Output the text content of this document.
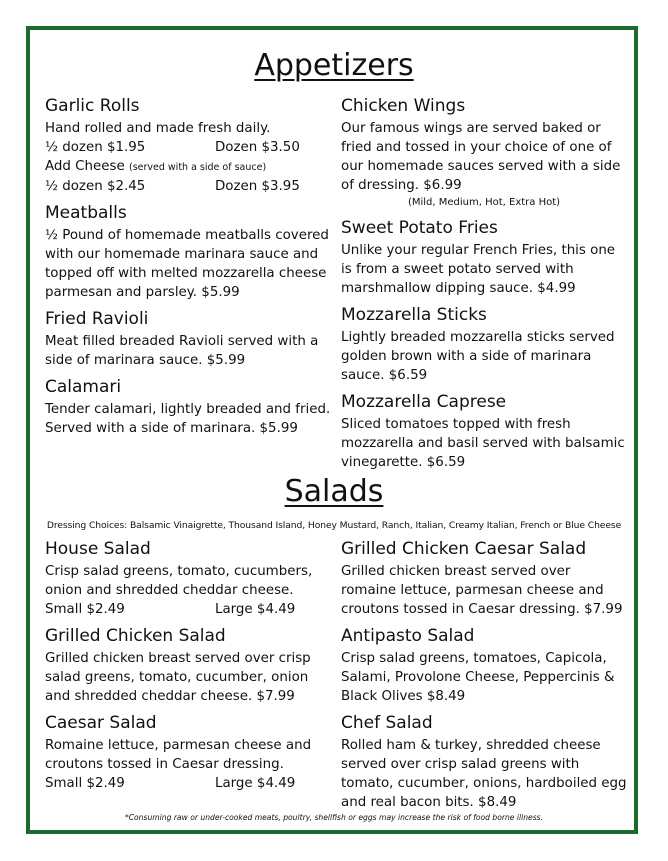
Appetizers
Garlic Rolls
Hand rolled and made fresh daily.
½ dozen $1.95	Dozen $3.50
Add Cheese (served with a side of sauce)
½ dozen $2.45	Dozen $3.95
Meatballs
½ Pound of homemade meatballs covered with our homemade marinara sauce and topped off with melted mozzarella cheese parmesan and parsley. $5.99
Fried Ravioli
Meat filled breaded Ravioli served with a side of marinara sauce. $5.99
Calamari
Tender calamari, lightly breaded and fried. Served with a side of marinara. $5.99
Chicken Wings
Our famous wings are served baked or fried and tossed in your choice of one of our homemade sauces served with a side of dressing. $6.99
(Mild, Medium, Hot, Extra Hot)
Sweet Potato Fries
Unlike your regular French Fries, this one is from a sweet potato served with marshmallow dipping sauce. $4.99
Mozzarella Sticks
Lightly breaded mozzarella sticks served golden brown with a side of marinara sauce. $6.59
Mozzarella Caprese
Sliced tomatoes topped with fresh mozzarella and basil served with balsamic vinegarette. $6.59
Salads
Dressing Choices: Balsamic Vinaigrette, Thousand Island, Honey Mustard, Ranch, Italian, Creamy Italian, French or Blue Cheese
House Salad
Crisp salad greens, tomato, cucumbers, onion and shredded cheddar cheese.
Small $2.49	Large $4.49
Grilled Chicken Salad
Grilled chicken breast served over crisp salad greens, tomato, cucumber, onion and shredded cheddar cheese. $7.99
Caesar Salad
Romaine lettuce, parmesan cheese and croutons tossed in Caesar dressing.
Small $2.49	Large $4.49
Grilled Chicken Caesar Salad
Grilled chicken breast served over romaine lettuce, parmesan cheese and croutons tossed in Caesar dressing. $7.99
Antipasto Salad
Crisp salad greens, tomatoes, Capicola, Salami, Provolone Cheese, Peppercinis & Black Olives $8.49
Chef Salad
Rolled ham & turkey, shredded cheese served over crisp salad greens with tomato, cucumber, onions, hardboiled egg and real bacon bits. $8.49
*Consuming raw or under-cooked meats, poultry, shellfish or eggs may increase the risk of food borne illness.
